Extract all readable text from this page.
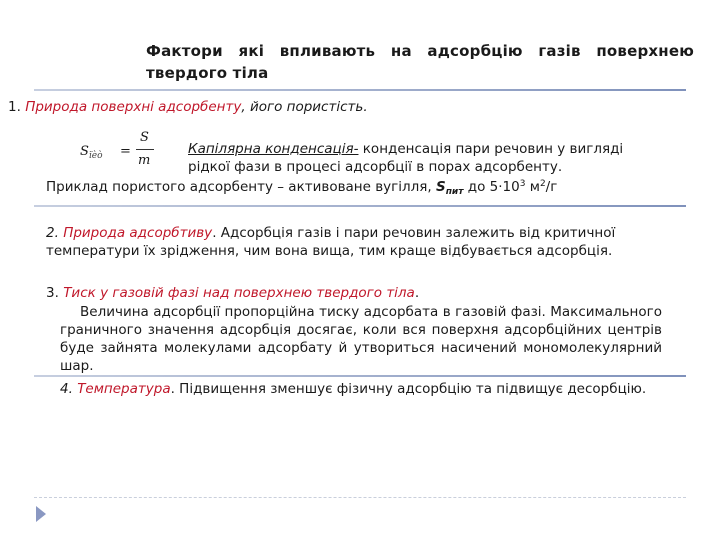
Фактори які впливають на адсорбцію газів поверхнею твердого тіла
1. Природа поверхні адсорбенту, його пористість.
$S_{ïèò}$ =
S
m
Капілярна конденсація- конденсація пари речовин у вигляді рідкої фази в процесі адсорбції в порах адсорбенту.
Приклад пористого адсорбенту – активоване вугілля, $S_{пит}$ до $5\cdot 10^3$ $м^2/г$
2. Природа адсорбтиву. Адсорбція газів і пари речовин залежить від критичної температури їх зрідження, чим вона вища, тим краще відбувається адсорбція.
3. Тиск у газовій фазі над поверхнею твердого тіла.
Величина адсорбції пропорційна тиску адсорбата в газовій фазі. Максимального граничного значення адсорбція досягає, коли вся поверхня адсорбційних центрів буде зайнята молекулами адсорбату й утвориться насичений мономолекулярний шар.
4. Температура. Підвищення зменшує фізичну адсорбцію та підвищує десорбцію.
